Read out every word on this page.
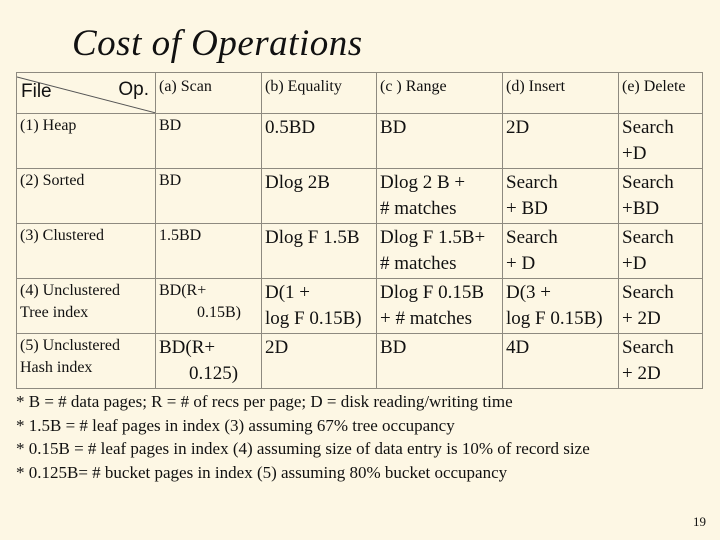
Cost of Operations
File Op.	(a) Scan	(b) Equality	(c ) Range	(d) Insert	(e) Delete

(1) Heap	BD	0.5BD	BD	2D	Search
+D

(2) Sorted	BD	Dlog 2B	Dlog 2 B +
# matches	Search
+ BD	Search
+BD

(3) Clustered	1.5BD	Dlog F 1.5B	Dlog F 1.5B+
# matches	Search
+ D	Search
+D

(4) Unclustered
Tree index	BD(R+
0.15B)	D(1 +
log F 0.15B)	Dlog F 0.15B
+ # matches	D(3 +
log F 0.15B)	Search
+ 2D

(5) Unclustered
Hash index	BD(R+
0.125)	2D	BD	4D	Search
+ 2D
* B = # data pages; R = # of recs per page; D = disk reading/writing time
* 1.5B = # leaf pages in index (3) assuming 67% tree occupancy
* 0.15B = # leaf pages in index (4) assuming size of data entry is 10% of record size
* 0.125B= # bucket pages in index (5) assuming 80% bucket occupancy
19
